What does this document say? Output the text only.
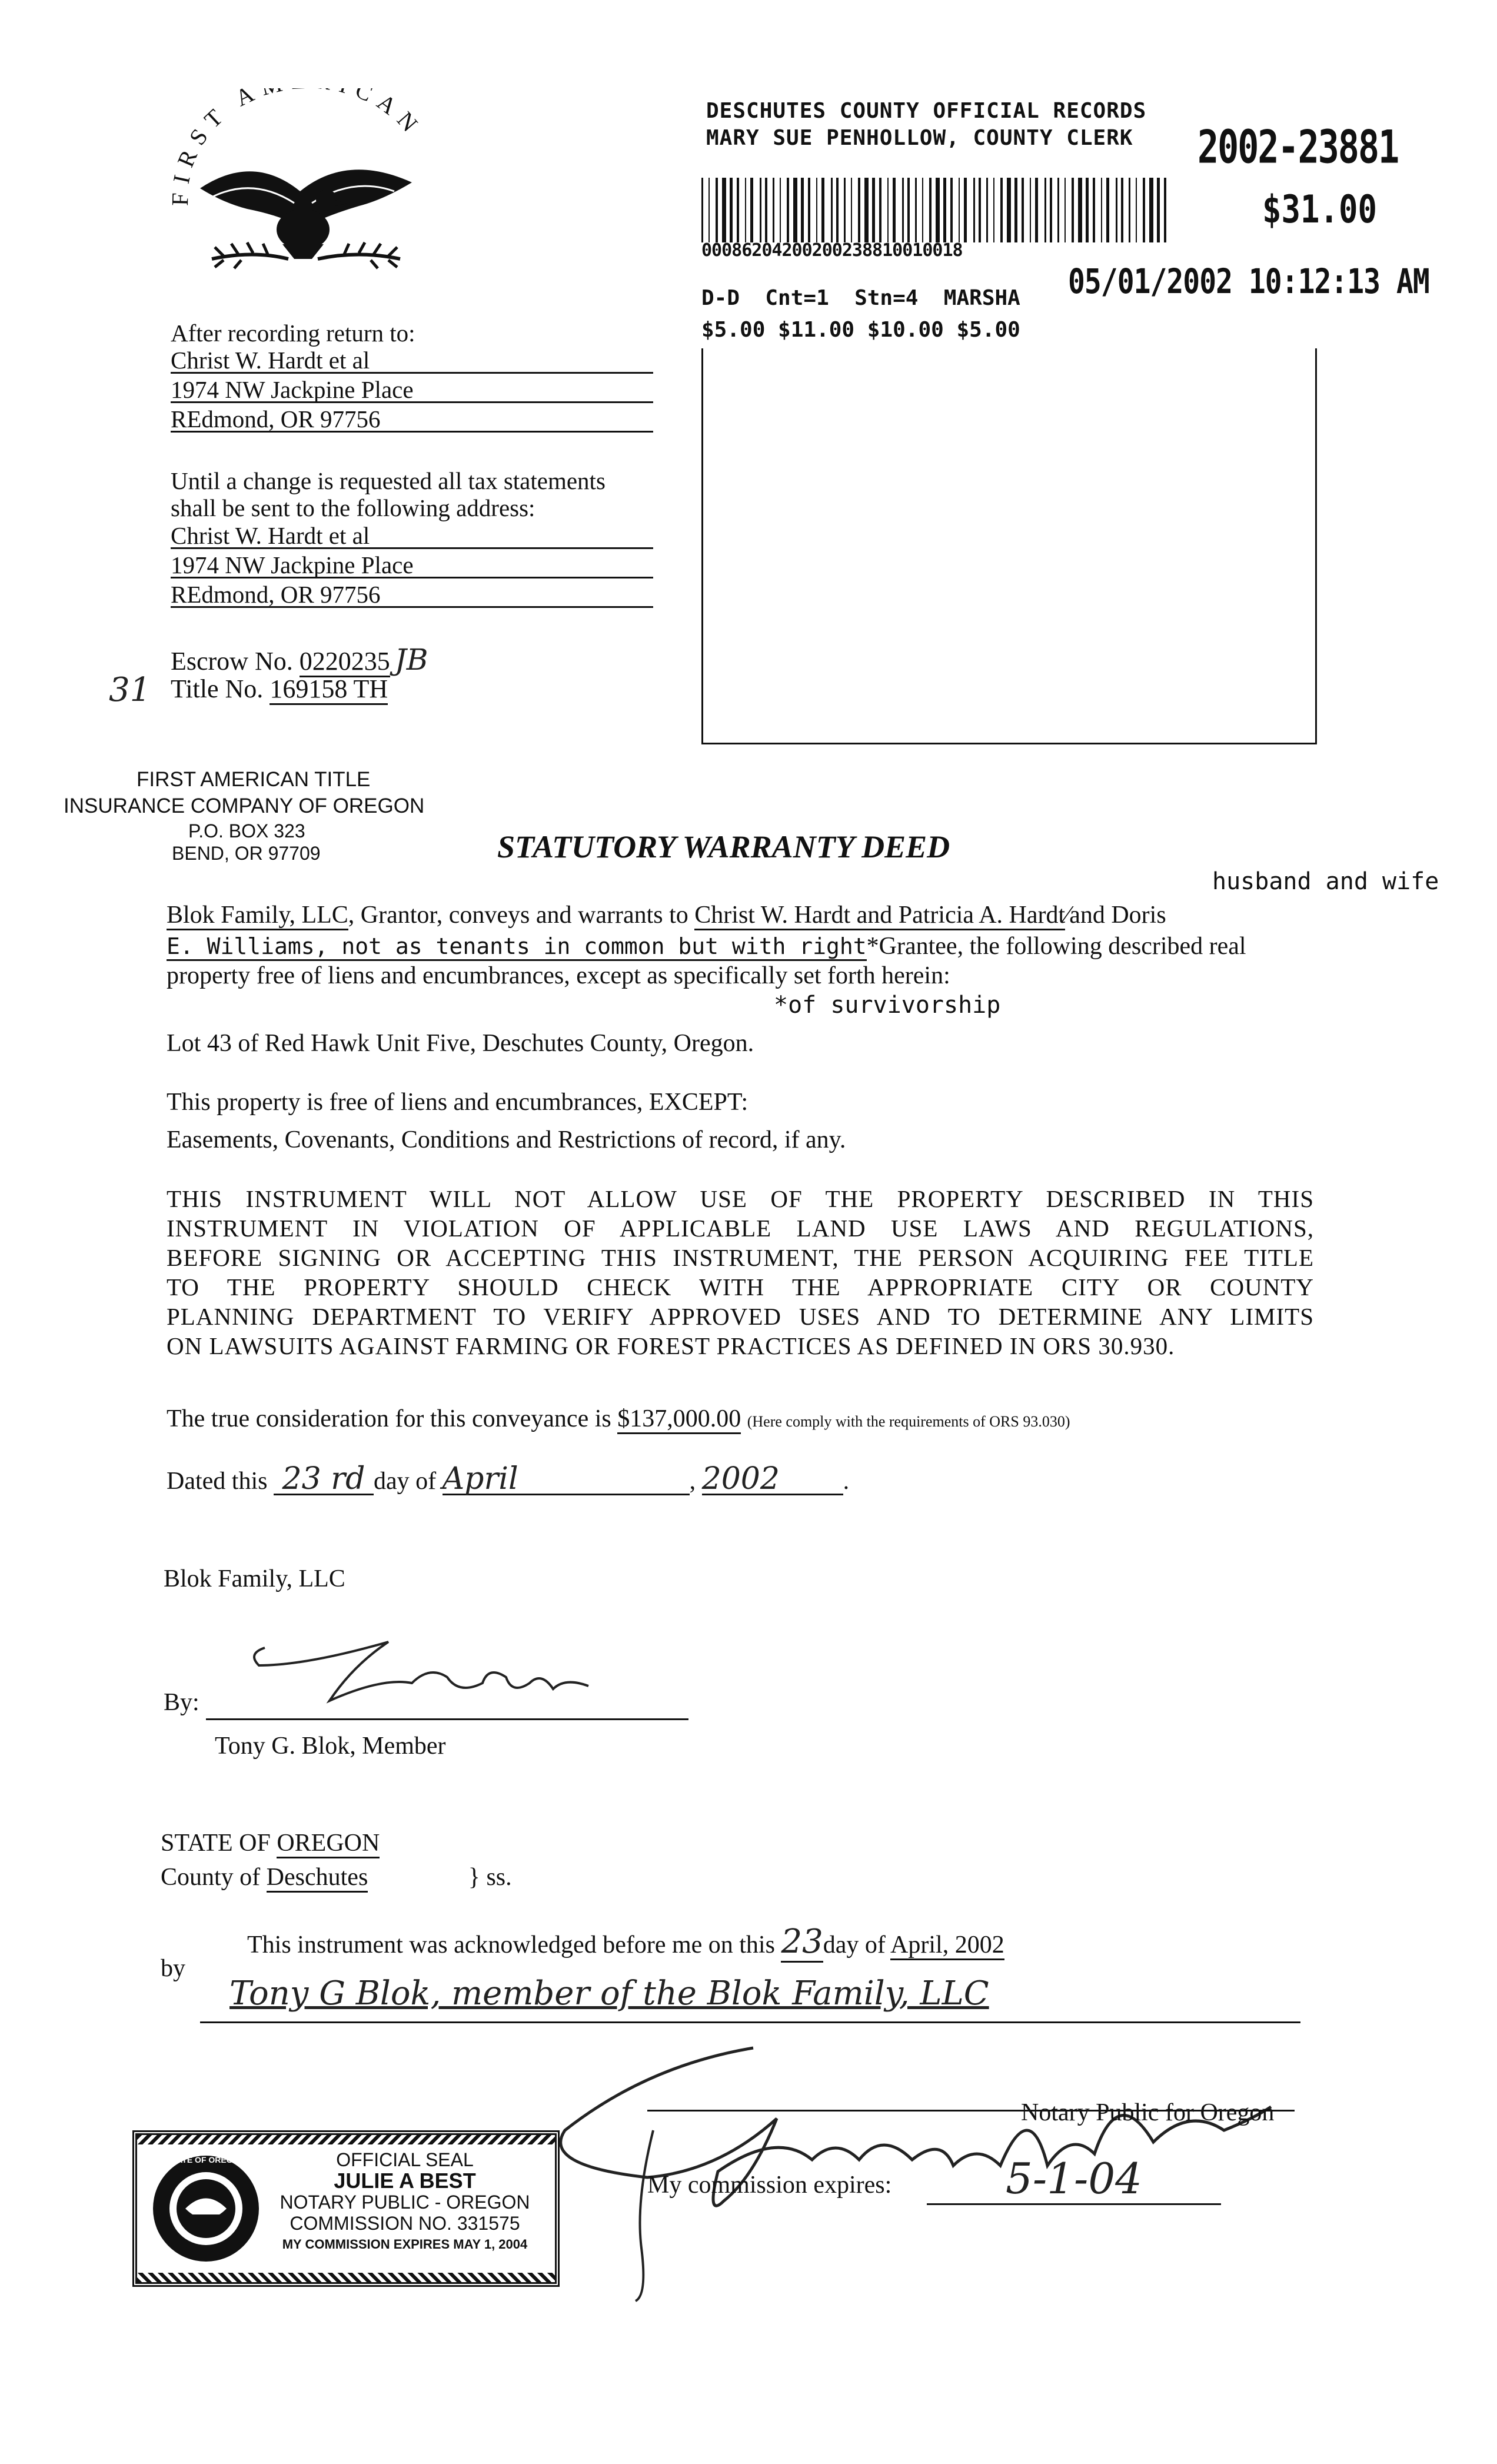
FIRST A CAN	DESCHUTES COUNTY OFFICIAL RECORDS
MARY SUE PENHOLLOW, COUNTY CLERK 2002-23881
$31.00
00086204200200238810010018
05/01/2002 10:12:13 AM
D-D  Cnt=1  Stn=4  MARSHA
$5.00 $11.00 $10.00 $5.00
After recording return to:
Christ W. Hardt et al
1974 NW Jackpine Place
REdmond, OR 97756
Until a change is requested all tax statements
shall be sent to the following address:
Christ W. Hardt et al
1974 NW Jackpine Place
REdmond, OR 97756
Escrow No. 0220235 JB
31 Title No. 169158 TH
FIRST AMERICAN TITLE
INSURANCE COMPANY OF OREGON
P.O. BOX 323
BEND, OR 97709	STATUTORY WARRANTY DEED
husband and wife
Blok Family, LLC, Grantor, conveys and warrants to Christ W. Hardt and Patricia A. Hardt⁄and Doris
E. Williams, not as tenants in common but with right*Grantee, the following described real
property free of liens and encumbrances, except as specifically set forth herein:
*of survivorship
Lot 43 of Red Hawk Unit Five, Deschutes County, Oregon.
This property is free of liens and encumbrances, EXCEPT:
Easements, Covenants, Conditions and Restrictions of record, if any.
THIS INSTRUMENT WILL NOT ALLOW USE OF THE PROPERTY DESCRIBED IN THIS
INSTRUMENT IN VIOLATION OF APPLICABLE LAND USE LAWS AND REGULATIONS,
BEFORE SIGNING OR ACCEPTING THIS INSTRUMENT, THE PERSON ACQUIRING FEE TITLE
TO THE PROPERTY SHOULD CHECK WITH THE APPROPRIATE CITY OR COUNTY
PLANNING DEPARTMENT TO VERIFY APPROVED USES AND TO DETERMINE ANY LIMITS
ON LAWSUITS AGAINST FARMING OR FOREST PRACTICES AS DEFINED IN ORS 30.930.
The true consideration for this conveyance is $137,000.00 (Here comply with the requirements of ORS 93.030)
Dated this 23 rd day of April	, 2002	.
Blok Family, LLC
By:
Tony G. Blok, Member
STATE OF OREGON
County of Deschutes	} ss.
This instrument was acknowledged before me on this 23day of April, 2002
by
Tony G Blok, member of the Blok Family, LLC
Notary Public for Oregon
My commission expires:	5-1-04
STATE OF OREGON	OFFICIAL SEAL
JULIE A BEST
NOTARY PUBLIC - OREGON
COMMISSION NO. 331575
MY COMMISSION EXPIRES MAY 1, 2004
